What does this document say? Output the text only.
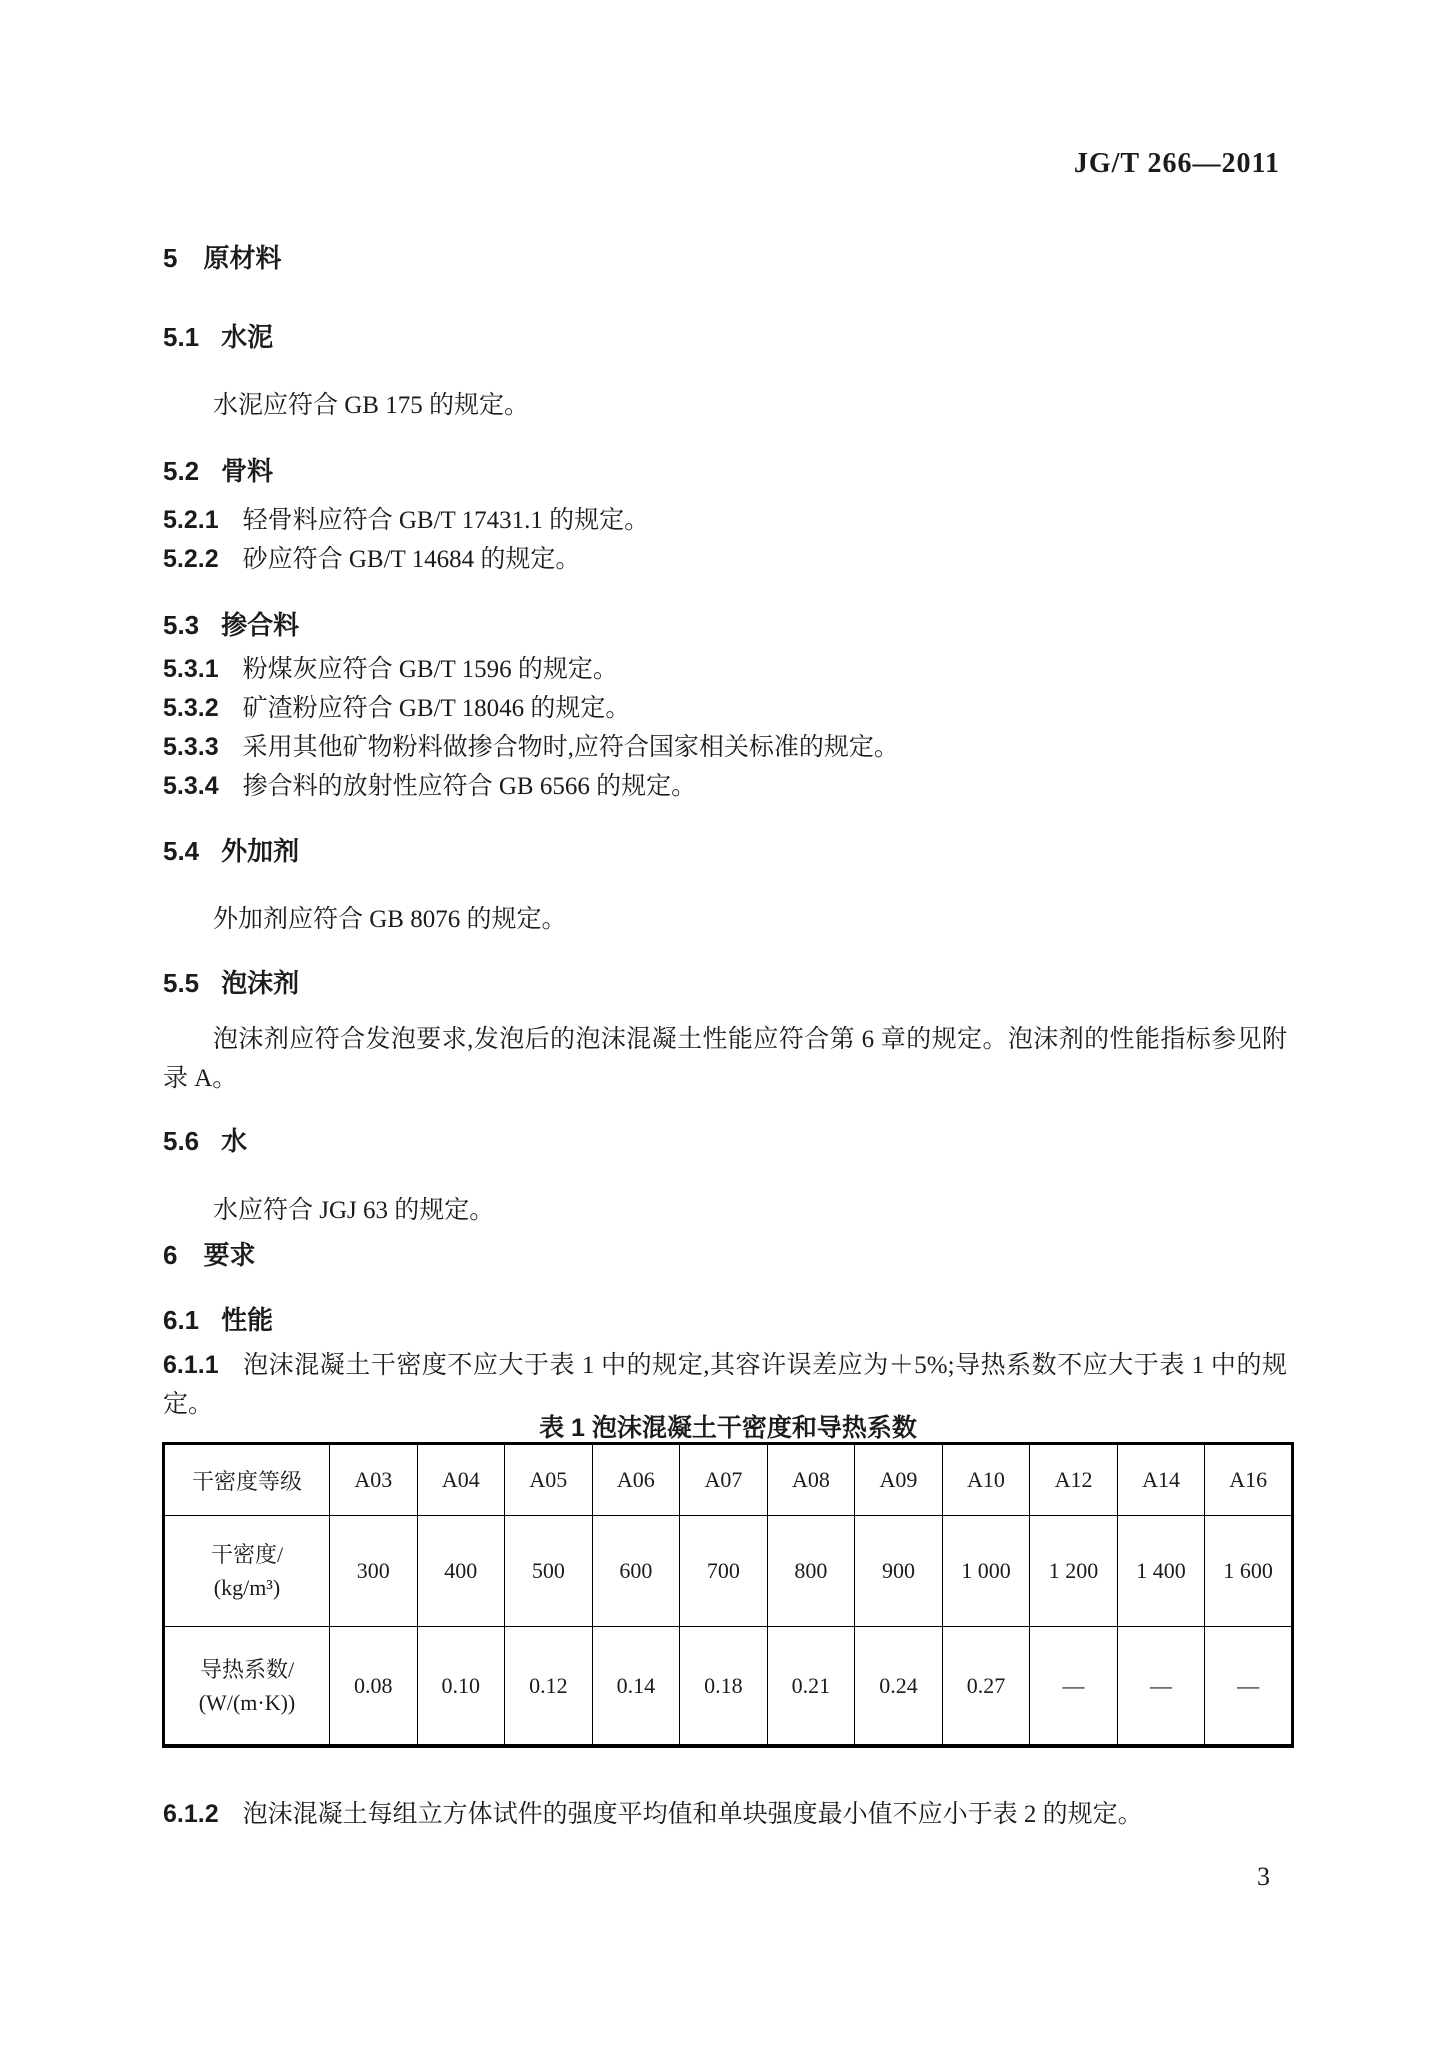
JG/T 266—2011
5 原材料
5.1 水泥
水泥应符合 GB 175 的规定。
5.2 骨料
5.2.1 轻骨料应符合 GB/T 17431.1 的规定。
5.2.2 砂应符合 GB/T 14684 的规定。
5.3 掺合料
5.3.1 粉煤灰应符合 GB/T 1596 的规定。
5.3.2 矿渣粉应符合 GB/T 18046 的规定。
5.3.3 采用其他矿物粉料做掺合物时,应符合国家相关标准的规定。
5.3.4 掺合料的放射性应符合 GB 6566 的规定。
5.4 外加剂
外加剂应符合 GB 8076 的规定。
5.5 泡沫剂
泡沫剂应符合发泡要求,发泡后的泡沫混凝土性能应符合第 6 章的规定。泡沫剂的性能指标参见附录 A。
5.6 水
水应符合 JGJ 63 的规定。
6 要求
6.1 性能
6.1.1 泡沫混凝土干密度不应大于表 1 中的规定,其容许误差应为＋5%;导热系数不应大于表 1 中的规定。
表 1 泡沫混凝土干密度和导热系数
干密度等级	A03	A04	A05	A06	A07	A08	A09	A10	A12	A14	A16

干密度/
(kg/m³)	300	400	500	600	700	800	900	1 000	1 200	1 400	1 600

导热系数/
(W/(m·K))	0.08	0.10	0.12	0.14	0.18	0.21	0.24	0.27	—	—	—
6.1.2 泡沫混凝土每组立方体试件的强度平均值和单块强度最小值不应小于表 2 的规定。
3
